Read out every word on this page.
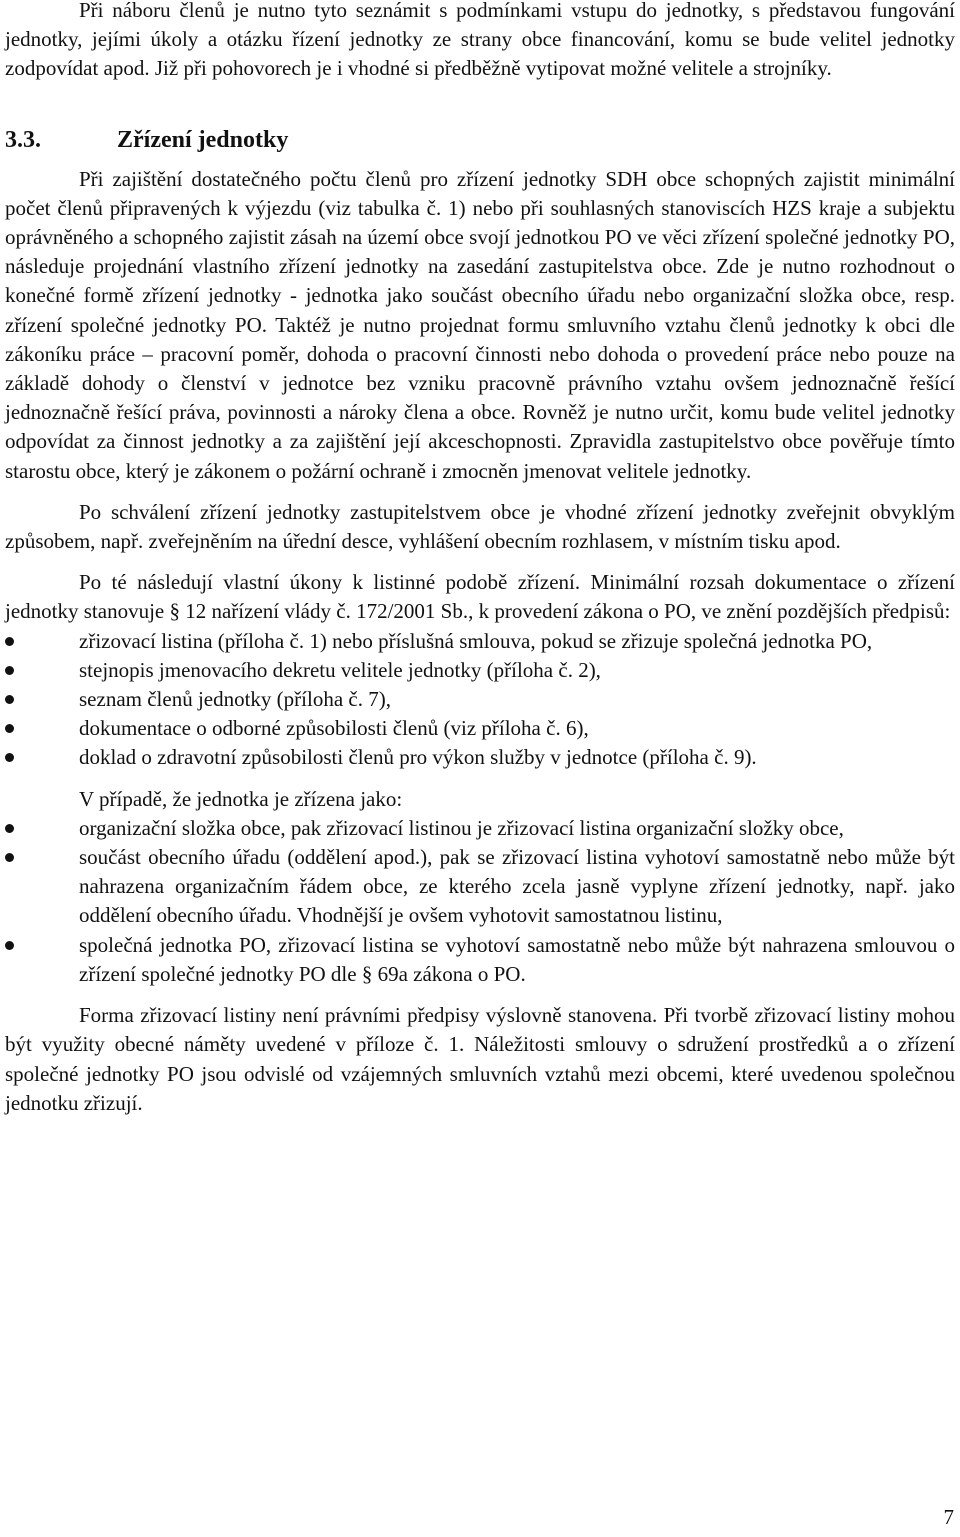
Při náboru členů je nutno tyto seznámit s podmínkami vstupu do jednotky, s představou fungování jednotky, jejími úkoly a otázku řízení jednotky ze strany obce financování, komu se bude velitel jednotky zodpovídat apod. Již při pohovorech je i vhodné si předběžně vytipovat možné velitele a strojníky.

3.3.	Zřízení jednotky

Při zajištění dostatečného počtu členů pro zřízení jednotky SDH obce schopných zajistit minimální počet členů připravených k výjezdu (viz tabulka č. 1) nebo při souhlasných stanoviscích HZS kraje a subjektu oprávněného a schopného zajistit zásah na území obce svojí jednotkou PO ve věci zřízení společné jednotky PO, následuje projednání vlastního zřízení jednotky na zasedání zastupitelstva obce. Zde je nutno rozhodnout o konečné formě zřízení jednotky - jednotka jako součást obecního úřadu nebo organizační složka obce, resp. zřízení společné jednotky PO. Taktéž je nutno projednat formu smluvního vztahu členů jednotky k obci dle zákoníku práce – pracovní poměr, dohoda o pracovní činnosti nebo dohoda o provedení práce nebo pouze na základě dohody o členství v jednotce bez vzniku pracovně právního vztahu ovšem jednoznačně řešící jednoznačně řešící práva, povinnosti a nároky člena a obce. Rovněž je nutno určit, komu bude velitel jednotky odpovídat za činnost jednotky a za zajištění její akceschopnosti. Zpravidla zastupitelstvo obce pověřuje tímto starostu obce, který je zákonem o požární ochraně i zmocněn jmenovat velitele jednotky.

Po schválení zřízení jednotky zastupitelstvem obce je vhodné zřízení jednotky zveřejnit obvyklým způsobem, např. zveřejněním na úřední desce, vyhlášení obecním rozhlasem, v místním tisku apod.

Po té následují vlastní úkony k listinné podobě zřízení. Minimální rozsah dokumentace o zřízení jednotky stanovuje § 12 nařízení vlády č. 172/2001 Sb., k provedení zákona o PO, ve znění pozdějších předpisů:

zřizovací listina (příloha č. 1) nebo příslušná smlouva, pokud se zřizuje společná jednotka PO,
stejnopis jmenovacího dekretu velitele jednotky (příloha č. 2),
seznam členů jednotky (příloha č. 7),
dokumentace o odborné způsobilosti členů (viz příloha č. 6),
doklad o zdravotní způsobilosti členů pro výkon služby v jednotce (příloha č. 9).

V případě, že jednotka je zřízena jako:

organizační složka obce, pak zřizovací listinou je zřizovací listina organizační složky obce,
součást obecního úřadu (oddělení apod.), pak se zřizovací listina vyhotoví samostatně nebo může být nahrazena organizačním řádem obce, ze kterého zcela jasně vyplyne zřízení jednotky, např. jako oddělení obecního úřadu. Vhodnější je ovšem vyhotovit samostatnou listinu,
společná jednotka PO, zřizovací listina se vyhotoví samostatně nebo může být nahrazena smlouvou o zřízení společné jednotky PO dle § 69a zákona o PO.

Forma zřizovací listiny není právními předpisy výslovně stanovena. Při tvorbě zřizovací listiny mohou být využity obecné náměty uvedené v příloze č. 1. Náležitosti smlouvy o sdružení prostředků a o zřízení společné jednotky PO jsou odvislé od vzájemných smluvních vztahů mezi obcemi, které uvedenou společnou jednotku zřizují.

7
